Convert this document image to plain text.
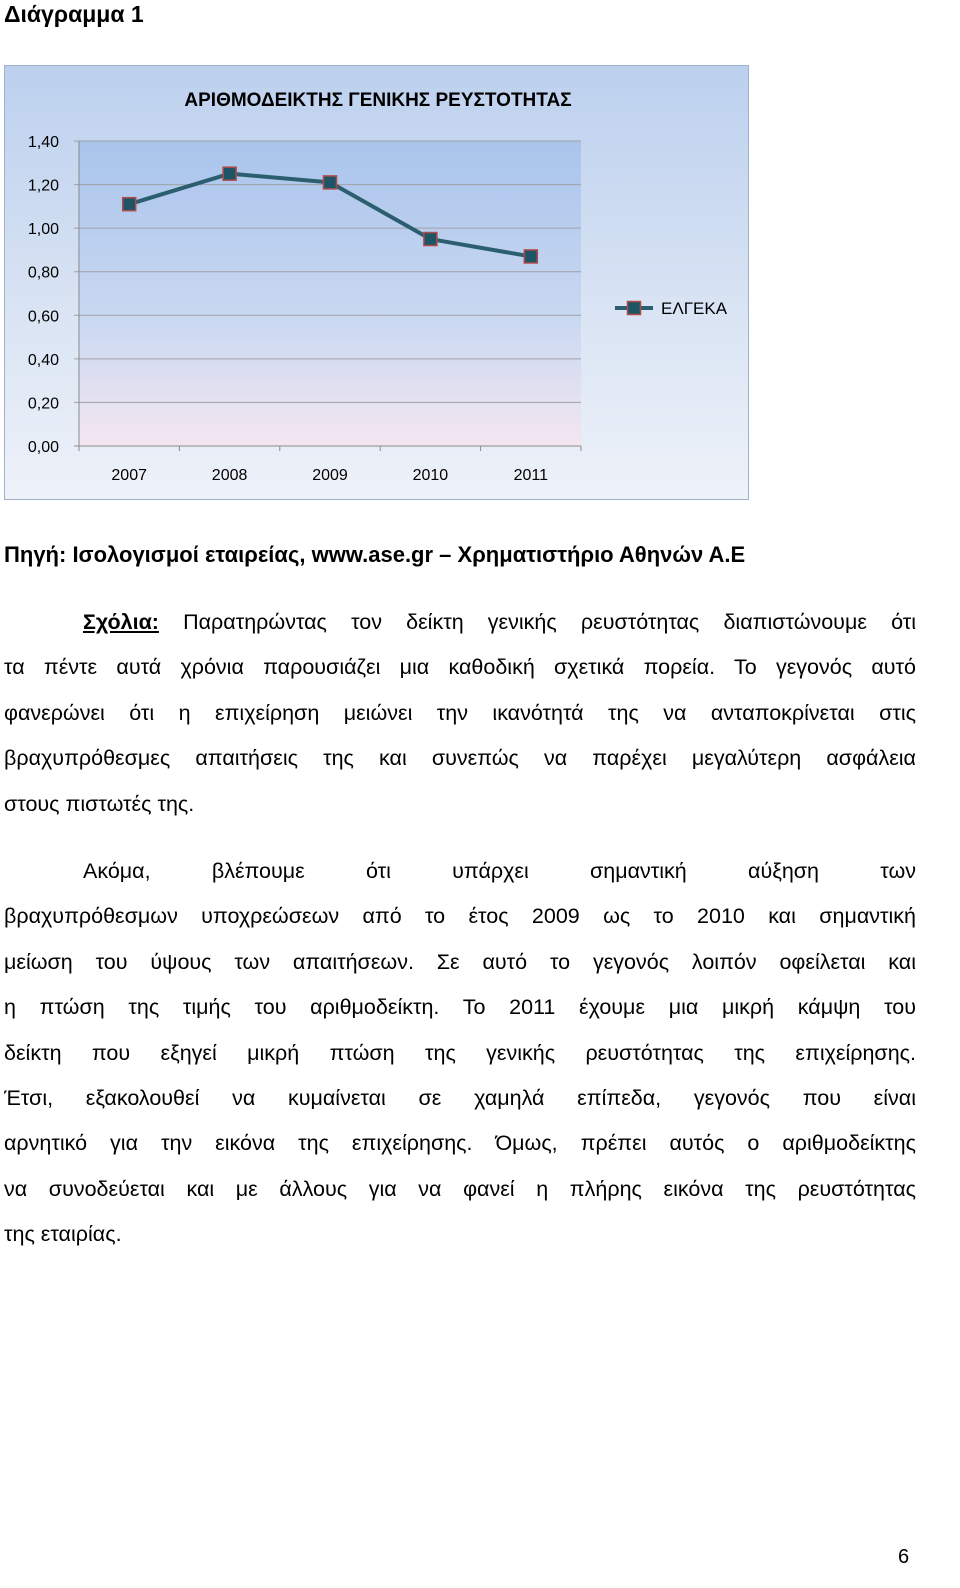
Διάγραμμα 1
ΑΡΙΘΜΟΔΕΙΚΤΗΣ ΓΕΝΙΚΗΣ ΡΕΥΣΤΟΤΗΤΑΣ
0,00
0,20
0,40
0,60
0,80
1,00
1,20
1,40
2007	2008	2009	2010	2011
ΕΛΓΕΚΑ
Πηγή: Ισολογισμοί εταιρείας, www.ase.gr – Χρηματιστήριο Αθηνών Α.Ε
Σχόλια: Παρατηρώντας τον δείκτη γενικής ρευστότητας διαπιστώνουμε ότι
τα πέντε αυτά χρόνια παρουσιάζει μια καθοδική σχετικά πορεία. Το γεγονός αυτό
φανερώνει ότι η επιχείρηση μειώνει την ικανότητά της να ανταποκρίνεται στις
βραχυπρόθεσμες απαιτήσεις της και συνεπώς να παρέχει μεγαλύτερη ασφάλεια
στους πιστωτές της.
Ακόμα, βλέπουμε ότι υπάρχει σημαντική αύξηση των
βραχυπρόθεσμων υποχρεώσεων από το έτος 2009 ως το 2010 και σημαντική
μείωση του ύψους των απαιτήσεων. Σε αυτό το γεγονός λοιπόν οφείλεται και
η πτώση της τιμής του αριθμοδείκτη. Το 2011 έχουμε μια μικρή κάμψη του
δείκτη που εξηγεί μικρή πτώση της γενικής ρευστότητας της επιχείρησης.
Έτσι, εξακολουθεί να κυμαίνεται σε χαμηλά επίπεδα, γεγονός που είναι
αρνητικό για την εικόνα της επιχείρησης. Όμως, πρέπει αυτός ο αριθμοδείκτης
να συνοδεύεται και με άλλους για να φανεί η πλήρης εικόνα της ρευστότητας
της εταιρίας.
6
